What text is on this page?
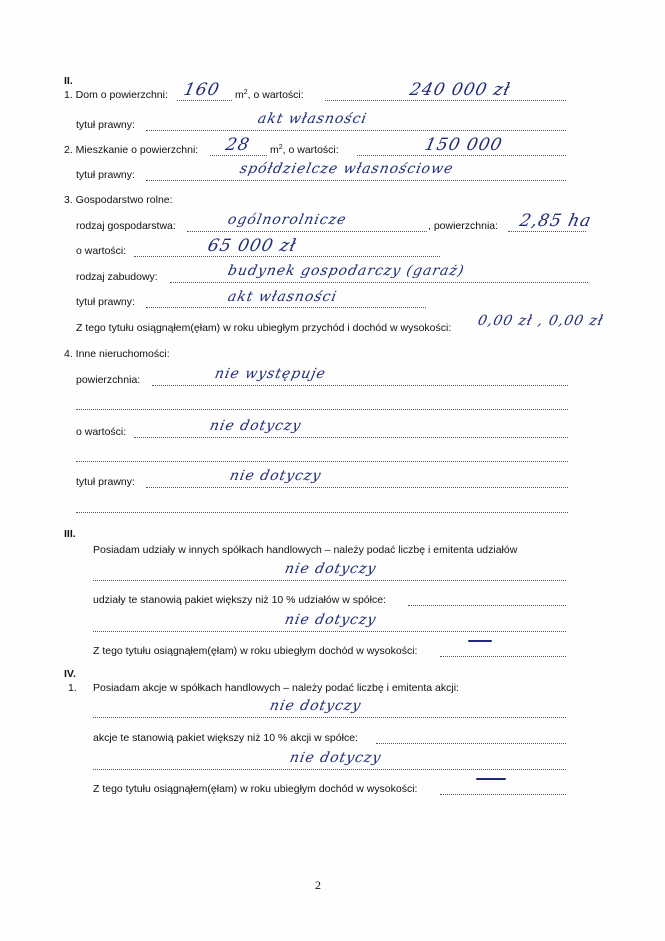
II.
1. Dom o powierzchni: 160 $m^2$, o wartości:	240 000 zł
tytuł prawny:	akt własności
2. Mieszkanie o powierzchni: 28 $m^2$, o wartości:	150 000
tytuł prawny:	spółdzielcze własnościowe
3. Gospodarstwo rolne:
rodzaj gospodarstwa:	ogólnorolnicze	, powierzchnia: 2,85 ha
o wartości:	65 000 zł
rodzaj zabudowy:	budynek gospodarczy (garaż)
tytuł prawny:	akt własności
Z tego tytułu osiągnąłem(ęłam) w roku ubiegłym przychód i dochód w wysokości: 0,00 zł , 0,00 zł
4. Inne nieruchomości:
powierzchnia:	nie występuje
o wartości:	nie dotyczy
tytuł prawny:	nie dotyczy
III.
Posiadam udziały w innych spółkach handlowych – należy podać liczbę i emitenta udziałów
nie dotyczy
udziały te stanowią pakiet większy niż 10 % udziałów w spółce:
nie dotyczy
Z tego tytułu osiągnąłem(ęłam) w roku ubiegłym dochód w wysokości:
IV.
1. Posiadam akcje w spółkach handlowych – należy podać liczbę i emitenta akcji:
nie dotyczy
akcje te stanowią pakiet większy niż 10 % akcji w spółce:
nie dotyczy
Z tego tytułu osiągnąłem(ęłam) w roku ubiegłym dochód w wysokości:
2
